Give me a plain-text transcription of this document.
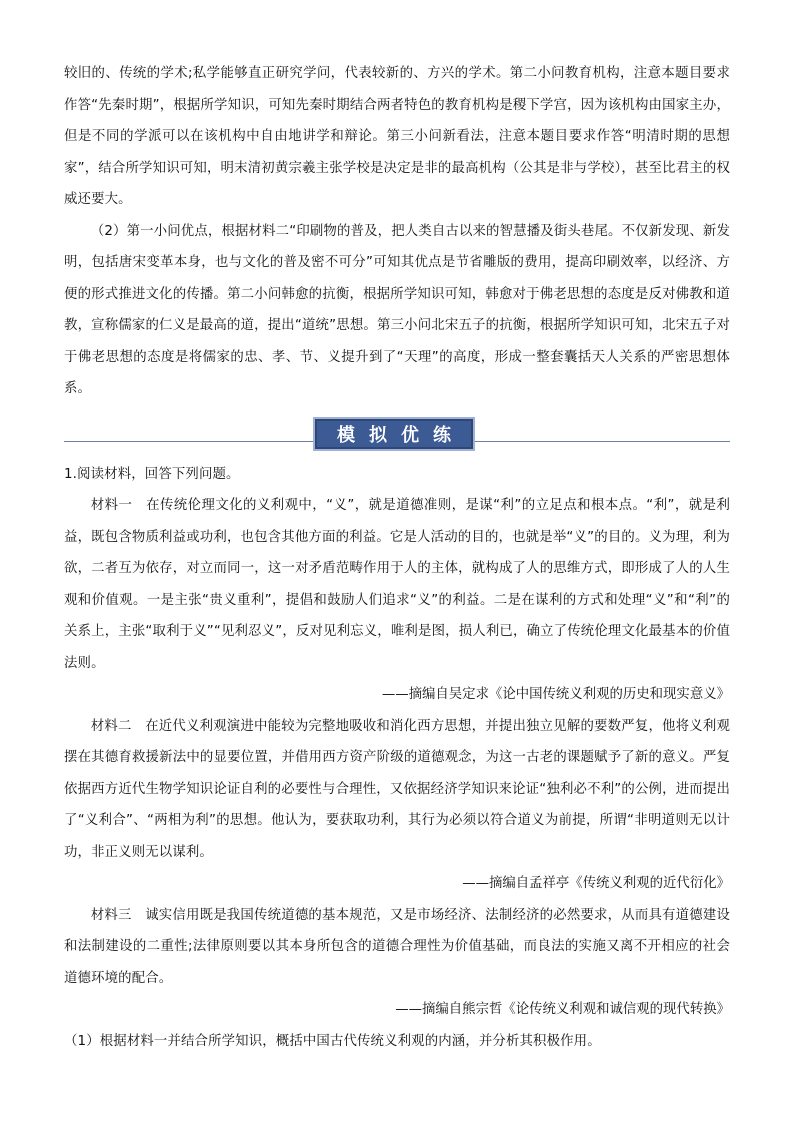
较旧的、传统的学术;私学能够直正研究学问，代表较新的、方兴的学术。第二小问教育机构，注意本题目要求作答“先秦时期”，根据所学知识，可知先秦时期结合两者特色的教育机构是稷下学宫，因为该机构由国家主办，但是不同的学派可以在该机构中自由地讲学和辩论。第三小问新看法，注意本题目要求作答“明清时期的思想家”，结合所学知识可知，明末清初黄宗羲主张学校是决定是非的最高机构（公其是非与学校），甚至比君主的权威还要大。

（2）第一小问优点，根据材料二“印刷物的普及，把人类自古以来的智慧播及街头巷尾。不仅新发现、新发明，包括唐宋变革本身，也与文化的普及密不可分”可知其优点是节省雕版的费用，提高印刷效率，以经济、方便的形式推进文化的传播。第二小问韩愈的抗衡，根据所学知识可知，韩愈对于佛老思想的态度是反对佛教和道教，宣称儒家的仁义是最高的道，提出“道统”思想。第三小问北宋五子的抗衡，根据所学知识可知，北宋五子对于佛老思想的态度是将儒家的忠、孝、节、义提升到了“天理”的高度，形成一整套囊括天人关系的严密思想体系。

模拟优练

1.阅读材料，回答下列问题。

材料一　在传统伦理文化的义利观中，“义”，就是道德准则，是谋“利”的立足点和根本点。“利”，就是利益，既包含物质利益或功利，也包含其他方面的利益。它是人活动的目的，也就是举“义”的目的。义为理，利为欲，二者互为依存，对立而同一，这一对矛盾范畴作用于人的主体，就构成了人的思维方式，即形成了人的人生观和价值观。一是主张“贵义重利”，提倡和鼓励人们追求“义”的利益。二是在谋利的方式和处理“义”和“利”的关系上，主张“取利于义”“见利忍义”，反对见利忘义，唯利是图，损人利已，确立了传统伦理文化最基本的价值法则。

——摘编自吴定求《论中国传统义利观的历史和现实意义》

材料二　在近代义利观演进中能较为完整地吸收和消化西方思想，并提出独立见解的要数严复，他将义利观摆在其德育救援新法中的显要位置，并借用西方资产阶级的道德观念，为这一古老的课题赋予了新的意义。严复依据西方近代生物学知识论证自利的必要性与合理性，又依据经济学知识来论证“独利必不利”的公例，进而提出了“义利合”、“两相为利”的思想。他认为，要获取功利，其行为必须以符合道义为前提，所谓“非明道则无以计功，非正义则无以谋利。

——摘编自孟祥亭《传统义利观的近代衍化》

材料三　诚实信用既是我国传统道德的基本规范，又是市场经济、法制经济的必然要求，从而具有道德建设和法制建设的二重性;法律原则要以其本身所包含的道德合理性为价值基础，而良法的实施又离不开相应的社会道德环境的配合。

——摘编自熊宗哲《论传统义利观和诚信观的现代转换》

（1）根据材料一并结合所学知识，概括中国古代传统义利观的内涵，并分析其积极作用。
